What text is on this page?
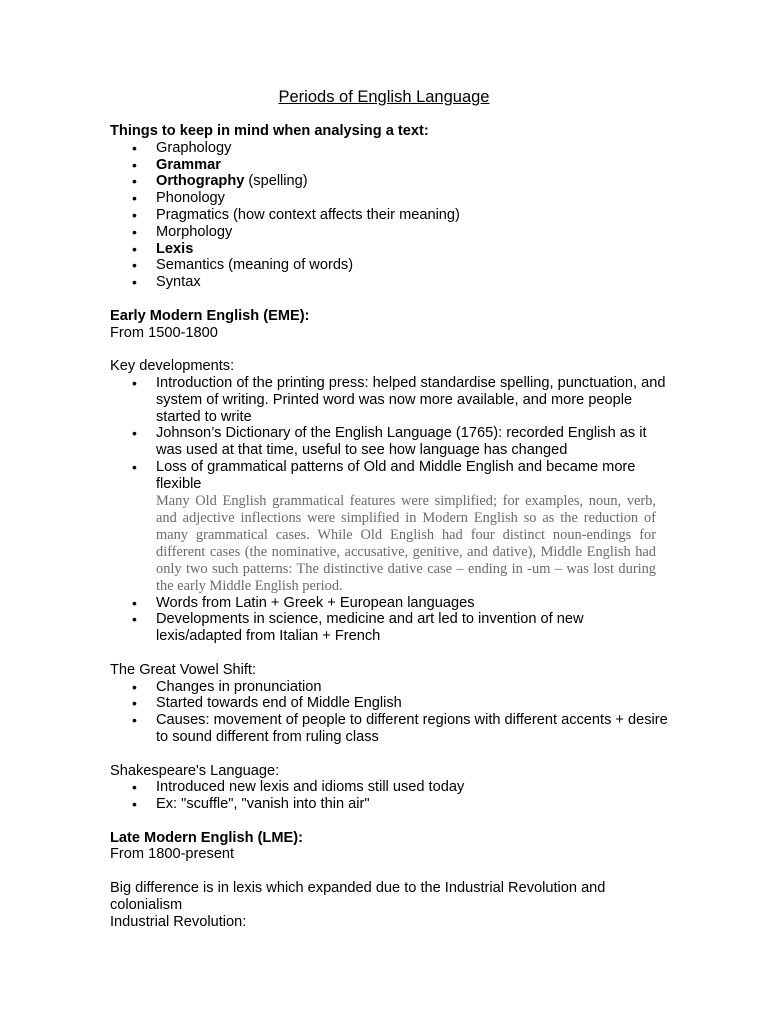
Periods of English Language

Things to keep in mind when analysing a text:

• Graphology
• Grammar
• Orthography (spelling)
• Phonology
• Pragmatics (how context affects their meaning)
• Morphology
• Lexis
• Semantics (meaning of words)
• Syntax

Early Modern English (EME):

From 1500-1800

Key developments:

• Introduction of the printing press: helped standardise spelling, punctuation, and system of writing. Printed word was now more available, and more people started to write
• Johnson’s Dictionary of the English Language (1765): recorded English as it was used at that time, useful to see how language has changed
• Loss of grammatical patterns of Old and Middle English and became more flexible
Many Old English grammatical features were simplified; for examples, noun, verb, and adjective inflections were simplified in Modern English so as the reduction of many grammatical cases. While Old English had four distinct noun-endings for different cases (the nominative, accusative, genitive, and dative), Middle English had only two such patterns: The distinctive dative case – ending in -um – was lost during the early Middle English period.
• Words from Latin + Greek + European languages
• Developments in science, medicine and art led to invention of new lexis/adapted from Italian + French

The Great Vowel Shift:

• Changes in pronunciation
• Started towards end of Middle English
• Causes: movement of people to different regions with different accents + desire to sound different from ruling class

Shakespeare's Language:

• Introduced new lexis and idioms still used today
• Ex: "scuffle", "vanish into thin air"

Late Modern English (LME):

From 1800-present

Big difference is in lexis which expanded due to the Industrial Revolution and colonialism

Industrial Revolution:
